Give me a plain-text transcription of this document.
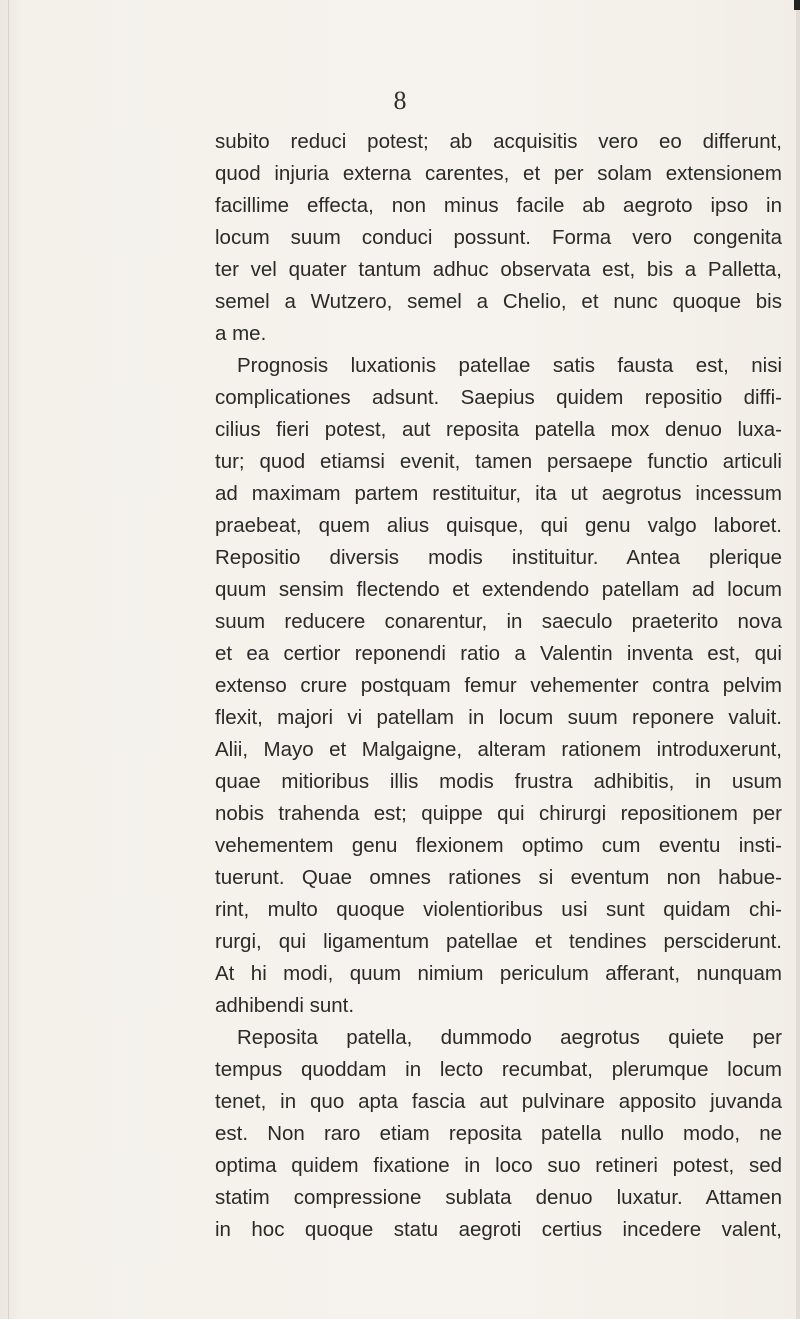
8
subito reduci potest; ab acquisitis vero eo differunt,
quod injuria externa carentes, et per solam extensionem
facillime effecta, non minus facile ab aegroto ipso in
locum suum conduci possunt. Forma vero congenita
ter vel quater tantum adhuc observata est, bis a Palletta,
semel a Wutzero, semel a Chelio, et nunc quoque bis
a me.
Prognosis luxationis patellae satis fausta est, nisi
complicationes adsunt. Saepius quidem repositio diffi-
cilius fieri potest, aut reposita patella mox denuo luxa-
tur; quod etiamsi evenit, tamen persaepe functio articuli
ad maximam partem restituitur, ita ut aegrotus incessum
praebeat, quem alius quisque, qui genu valgo laboret.
Repositio diversis modis instituitur. Antea plerique
quum sensim flectendo et extendendo patellam ad locum
suum reducere conarentur, in saeculo praeterito nova
et ea certior reponendi ratio a Valentin inventa est, qui
extenso crure postquam femur vehementer contra pelvim
flexit, majori vi patellam in locum suum reponere valuit.
Alii, Mayo et Malgaigne, alteram rationem introduxerunt,
quae mitioribus illis modis frustra adhibitis, in usum
nobis trahenda est; quippe qui chirurgi repositionem per
vehementem genu flexionem optimo cum eventu insti-
tuerunt. Quae omnes rationes si eventum non habue-
rint, multo quoque violentioribus usi sunt quidam chi-
rurgi, qui ligamentum patellae et tendines persciderunt.
At hi modi, quum nimium periculum afferant, nunquam
adhibendi sunt.
Reposita patella, dummodo aegrotus quiete per
tempus quoddam in lecto recumbat, plerumque locum
tenet, in quo apta fascia aut pulvinare apposito juvanda
est. Non raro etiam reposita patella nullo modo, ne
optima quidem fixatione in loco suo retineri potest, sed
statim compressione sublata denuo luxatur. Attamen
in hoc quoque statu aegroti certius incedere valent,
